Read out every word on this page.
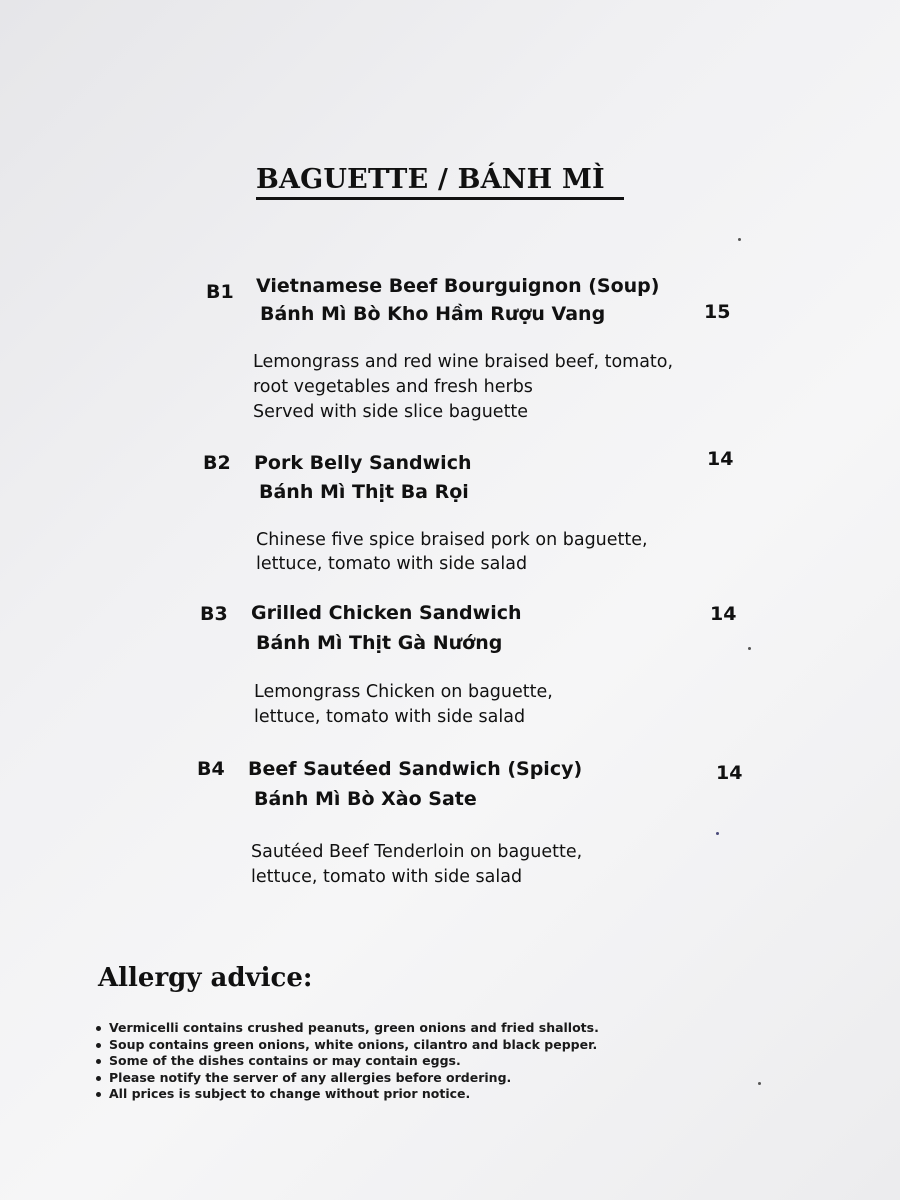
BAGUETTE / BÁNH MÌ
B1 Vietnamese Beef Bourguignon (Soup)
Bánh Mì Bò Kho Hầm Rượu Vang	15
Lemongrass and red wine braised beef, tomato,
root vegetables and fresh herbs
Served with side slice baguette
B2 Pork Belly Sandwich
Bánh Mì Thịt Ba Rọi
14
Chinese five spice braised pork on baguette,
lettuce, tomato with side salad
B3 Grilled Chicken Sandwich
Bánh Mì Thịt Gà Nướng
14
Lemongrass Chicken on baguette,
lettuce, tomato with side salad
B4 Beef Sautéed Sandwich (Spicy)
Bánh Mì Bò Xào Sate
14
Sautéed Beef Tenderloin on baguette,
lettuce, tomato with side salad
Allergy advice:
Vermicelli contains crushed peanuts, green onions and fried shallots.
Soup contains green onions, white onions, cilantro and black pepper.
Some of the dishes contains or may contain eggs.
Please notify the server of any allergies before ordering.
All prices is subject to change without prior notice.
